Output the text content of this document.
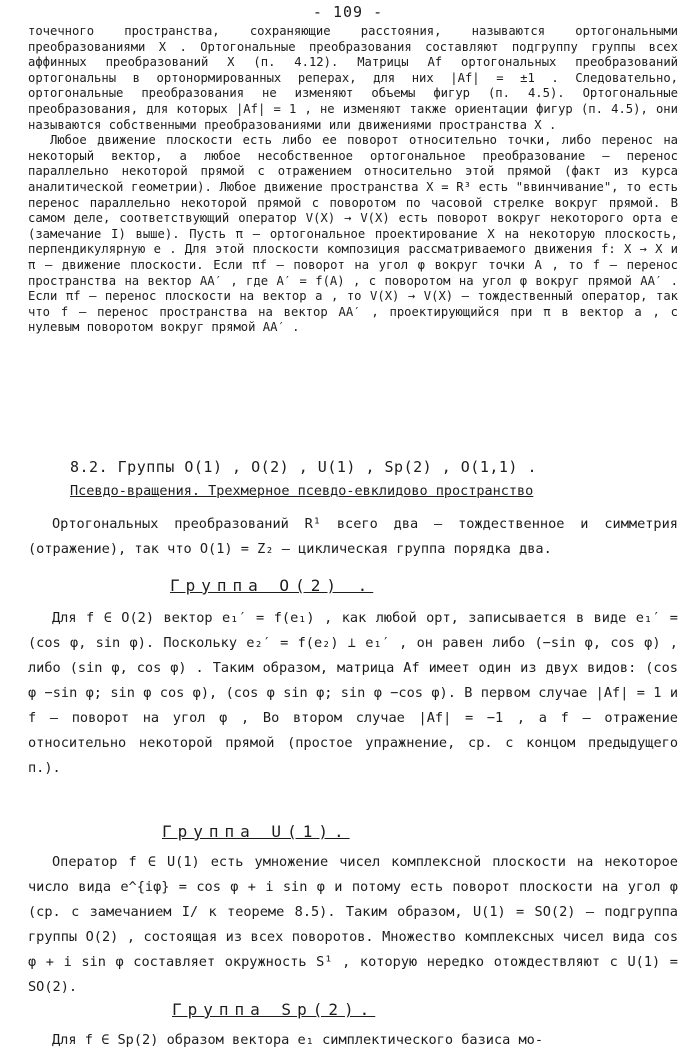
- 109 -

точечного пространства, сохраняющие расстояния, называются ортогональными преобразованиями X . Ортогональные преобразования составляют подгруппу группы всех аффинных преобразований X (п. 4.12). Матрицы Af ортогональных преобразований ортогональны в ортонормированных реперах, для них |Af| = ±1 . Следовательно, ортогональные преобразования не изменяют объемы фигур (п. 4.5). Ортогональные преобразования, для которых |Af| = 1 , не изменяют также ориентации фигур (п. 4.5), они называются собственными преобразованиями или движениями пространства X .

Любое движение плоскости есть либо ее поворот относительно точки, либо перенос на некоторый вектор, а любое несобственное ортогональное преобразование – перенос параллельно некоторой прямой с отражением относительно этой прямой (факт из курса аналитической геометрии). Любое движение пространства X = R³ есть "ввинчивание", то есть перенос параллельно некоторой прямой с поворотом по часовой стрелке вокруг прямой. В самом деле, соответствующий оператор V(X) → V(X) есть поворот вокруг некоторого орта e (замечание I) выше). Пусть π – ортогональное проектирование X на некоторую плоскость, перпендикулярную e . Для этой плоскости композиция рассматриваемого движения f: X → X и π – движение плоскости. Если πf – поворот на угол φ вокруг точки A , то f – перенос пространства на вектор AA′ , где A′ = f(A) , с поворотом на угол φ вокруг прямой AA′ . Если πf – перенос плоскости на вектор a , то V(X) → V(X) – тождественный оператор, так что f – перенос пространства на вектор AA′ , проектирующийся при π в вектор a , с нулевым поворотом вокруг прямой AA′ .

8.2. Группы O(1) , O(2) , U(1) , Sp(2) , O(1,1) .
Псевдо-вращения. Трехмерное псевдо-евклидово пространство

Ортогональных преобразований R¹ всего два – тождественное и симметрия (отражение), так что O(1) = Z₂ – циклическая группа порядка два.

Группа O(2) .

Для f ∈ O(2) вектор e₁′ = f(e₁) , как любой орт, записывается в виде e₁′ = (cos φ, sin φ). Поскольку e₂′ = f(e₂) ⊥ e₁′ , он равен либо (−sin φ, cos φ) , либо (sin φ, cos φ) . Таким образом, матрица Af имеет один из двух видов: (cos φ −sin φ; sin φ cos φ), (cos φ sin φ; sin φ −cos φ). В первом случае |Af| = 1 и f – поворот на угол φ , Во втором случае |Af| = −1 , а f – отражение относительно некоторой прямой (простое упражнение, ср. с концом предыдущего п.).

Группа U(1).

Оператор f ∈ U(1) есть умножение чисел комплексной плоскости на некоторое число вида e^{iφ} = cos φ + i sin φ и потому есть поворот плоскости на угол φ (ср. с замечанием I/ к теореме 8.5). Таким образом, U(1) = SO(2) – подгруппа группы O(2) , состоящая из всех поворотов. Множество комплексных чисел вида cos φ + i sin φ составляет окружность S¹ , которую нередко отождествляют с U(1) = SO(2).

Группа Sp(2).

Для f ∈ Sp(2) образом вектора e₁ симплектического базиса мо-
